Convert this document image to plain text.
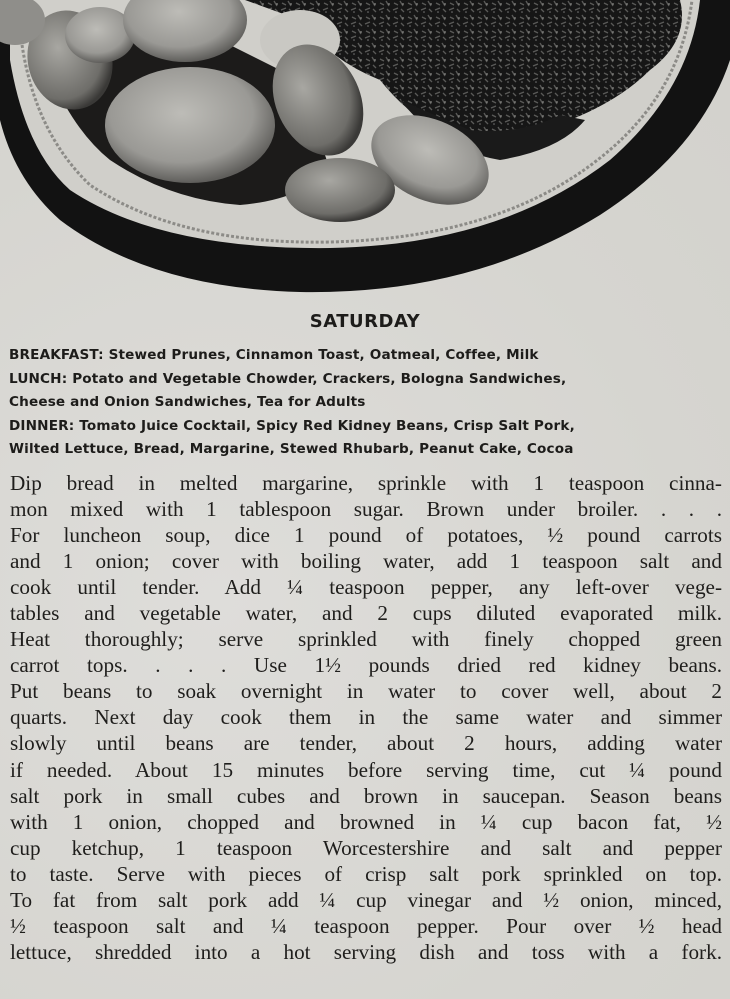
SATURDAY
BREAKFAST: Stewed Prunes, Cinnamon Toast, Oatmeal, Coffee, Milk
LUNCH: Potato and Vegetable Chowder, Crackers, Bologna Sandwiches,
Cheese and Onion Sandwiches, Tea for Adults
DINNER: Tomato Juice Cocktail, Spicy Red Kidney Beans, Crisp Salt Pork,
Wilted Lettuce, Bread, Margarine, Stewed Rhubarb, Peanut Cake, Cocoa
Dip bread in melted margarine, sprinkle with 1 teaspoon cinna-
mon mixed with 1 tablespoon sugar. Brown under broiler. . . .
For luncheon soup, dice 1 pound of potatoes, ½ pound carrots
and 1 onion; cover with boiling water, add 1 teaspoon salt and
cook until tender. Add ¼ teaspoon pepper, any left-over vege-
tables and vegetable water, and 2 cups diluted evaporated milk.
Heat thoroughly; serve sprinkled with finely chopped green
carrot tops. . . . Use 1½ pounds dried red kidney beans.
Put beans to soak overnight in water to cover well, about 2
quarts. Next day cook them in the same water and simmer
slowly until beans are tender, about 2 hours, adding water
if needed. About 15 minutes before serving time, cut ¼ pound
salt pork in small cubes and brown in saucepan. Season beans
with 1 onion, chopped and browned in ¼ cup bacon fat, ½
cup ketchup, 1 teaspoon Worcestershire and salt and pepper
to taste. Serve with pieces of crisp salt pork sprinkled on top.
To fat from salt pork add ¼ cup vinegar and ½ onion, minced,
½ teaspoon salt and ¼ teaspoon pepper. Pour over ½ head
lettuce, shredded into a hot serving dish and toss with a fork.
